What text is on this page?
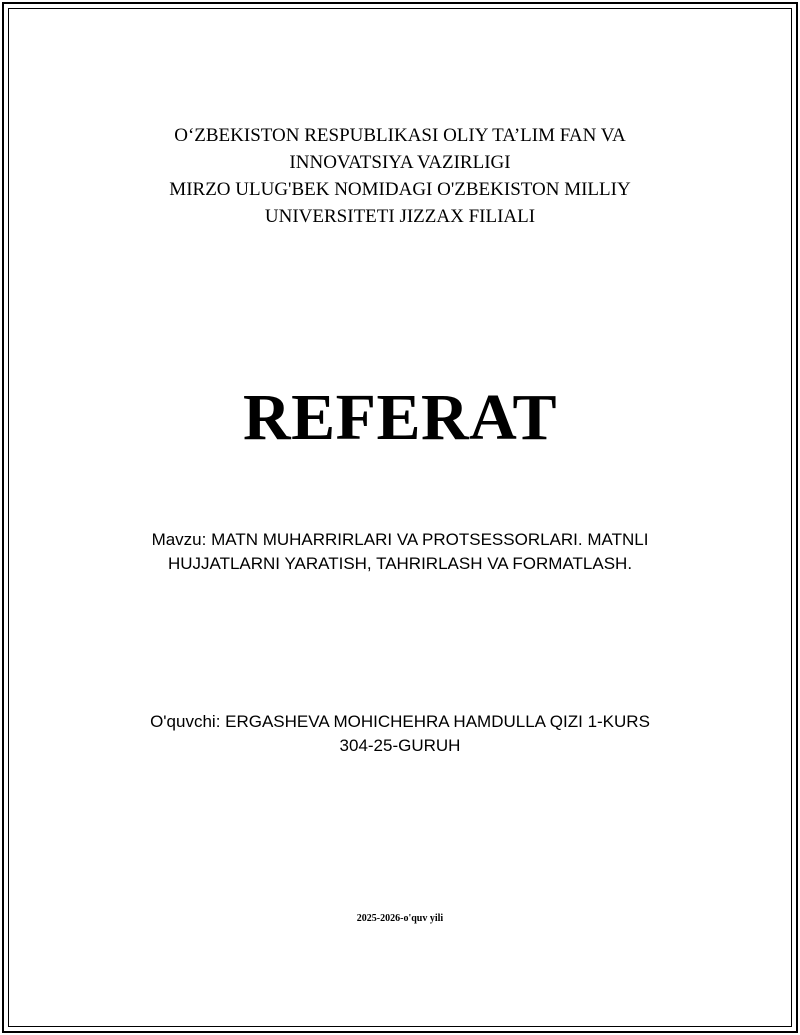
O‘ZBEKISTON RESPUBLIKASI OLIY TA’LIM FAN VA
INNOVATSIYA VAZIRLIGI
MIRZO ULUG'BEK NOMIDAGI O'ZBEKISTON MILLIY
UNIVERSITETI JIZZAX FILIALI
REFERAT
Mavzu: MATN MUHARRIRLARI VA PROTSESSORLARI. MATNLI
HUJJATLARNI YARATISH, TAHRIRLASH VA FORMATLASH.
O'quvchi: ERGASHEVA MOHICHEHRA HAMDULLA QIZI 1-KURS
304-25-GURUH
2025-2026-o'quv yili
